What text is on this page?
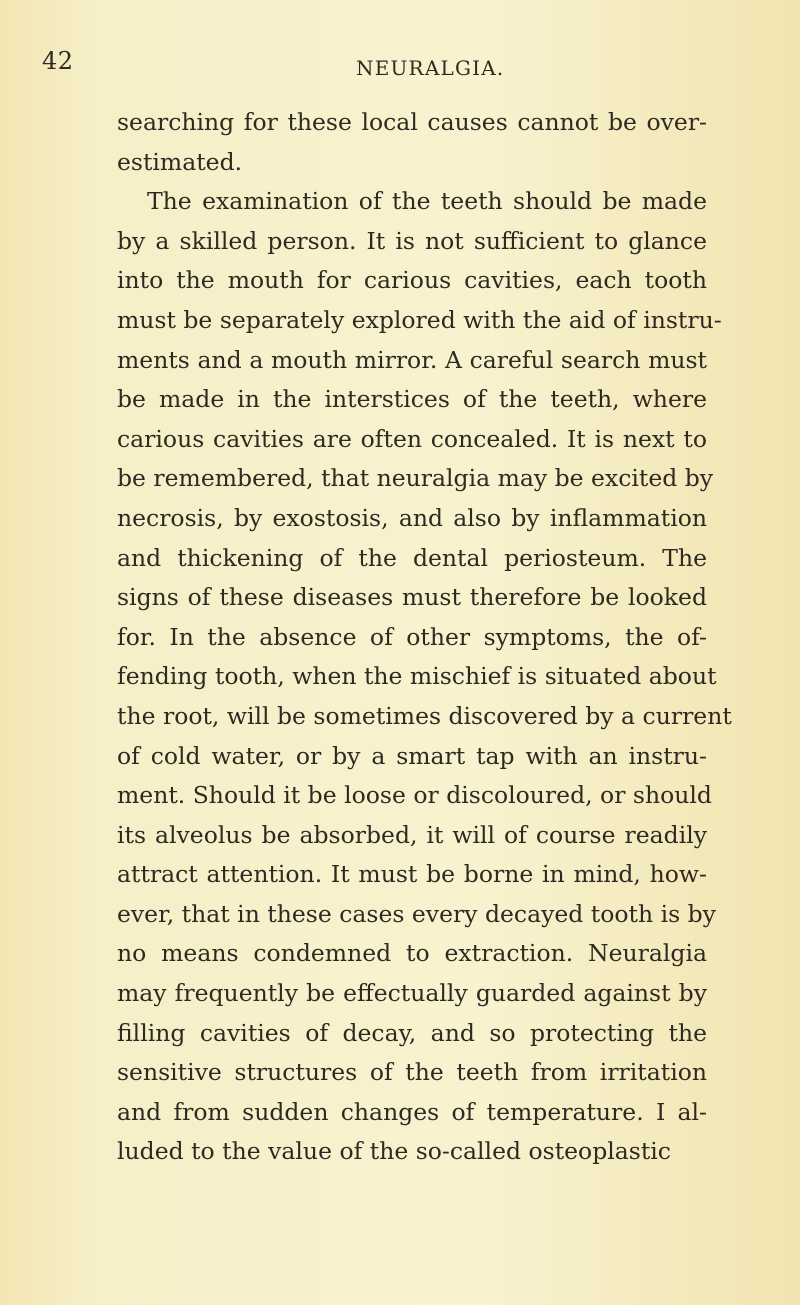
42	NEURALGIA.
searching for these local causes cannot be over-
estimated.
The examination of the teeth should be made
by a skilled person. It is not sufficient to glance
into the mouth for carious cavities, each tooth
must be separately explored with the aid of instru-
ments and a mouth mirror. A careful search must
be made in the interstices of the teeth, where
carious cavities are often concealed. It is next to
be remembered, that neuralgia may be excited by
necrosis, by exostosis, and also by inflammation
and thickening of the dental periosteum. The
signs of these diseases must therefore be looked
for. In the absence of other symptoms, the of-
fending tooth, when the mischief is situated about
the root, will be sometimes discovered by a current
of cold water, or by a smart tap with an instru-
ment. Should it be loose or discoloured, or should
its alveolus be absorbed, it will of course readily
attract attention. It must be borne in mind, how-
ever, that in these cases every decayed tooth is by
no means condemned to extraction. Neuralgia
may frequently be effectually guarded against by
filling cavities of decay, and so protecting the
sensitive structures of the teeth from irritation
and from sudden changes of temperature. I al-
luded to the value of the so-called osteoplastic
